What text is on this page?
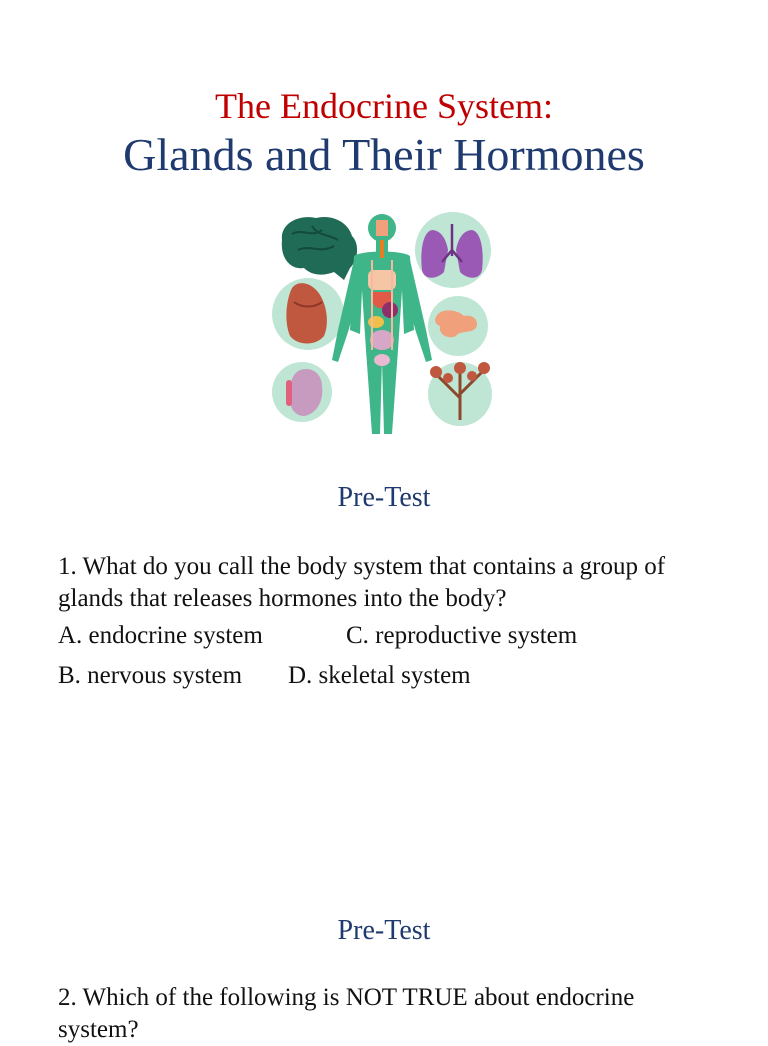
The Endocrine System:
Glands and Their Hormones
Pre-Test
1. What do you call the body system that contains a group of glands that releases hormones into the body?
A. endocrine system	C. reproductive system
B. nervous system D. skeletal system
Pre-Test
2. Which of the following is NOT TRUE about endocrine system?
